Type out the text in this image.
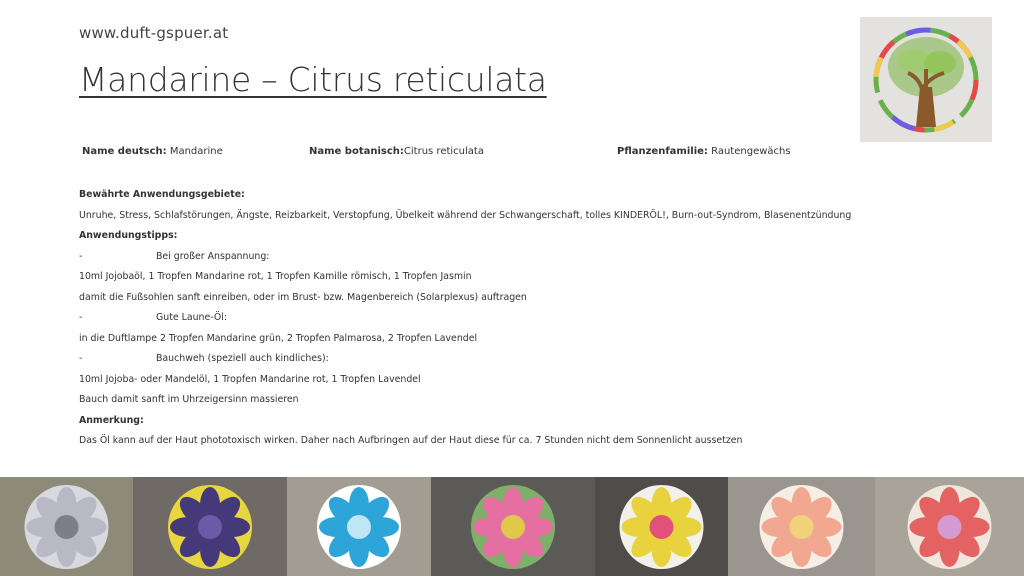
www.duft-gspuer.at
Mandarine – Citrus reticulata
Name deutsch: Mandarine	Name botanisch:Citrus reticulata	Pflanzenfamilie: Rautengewächs
Bewährte Anwendungsgebiete:
Unruhe, Stress, Schlafstörungen, Ängste, Reizbarkeit, Verstopfung, Übelkeit während der Schwangerschaft, tolles KINDERÖL!, Burn-out-Syndrom, Blasenentzündung
Anwendungstipps:
-	Bei großer Anspannung:
10ml Jojobaöl, 1 Tropfen Mandarine rot, 1 Tropfen Kamille römisch, 1 Tropfen Jasmin
damit die Fußsohlen sanft einreiben, oder im Brust- bzw. Magenbereich (Solarplexus) auftragen
-	Gute Laune-Öl:
in die Duftlampe 2 Tropfen Mandarine grün, 2 Tropfen Palmarosa, 2 Tropfen Lavendel
-	Bauchweh (speziell auch kindliches):
10ml Jojoba- oder Mandelöl, 1 Tropfen Mandarine rot, 1 Tropfen Lavendel
Bauch damit sanft im Uhrzeigersinn massieren
Anmerkung:
Das Öl kann auf der Haut phototoxisch wirken. Daher nach Aufbringen auf der Haut diese für ca. 7 Stunden nicht dem Sonnenlicht aussetzen
